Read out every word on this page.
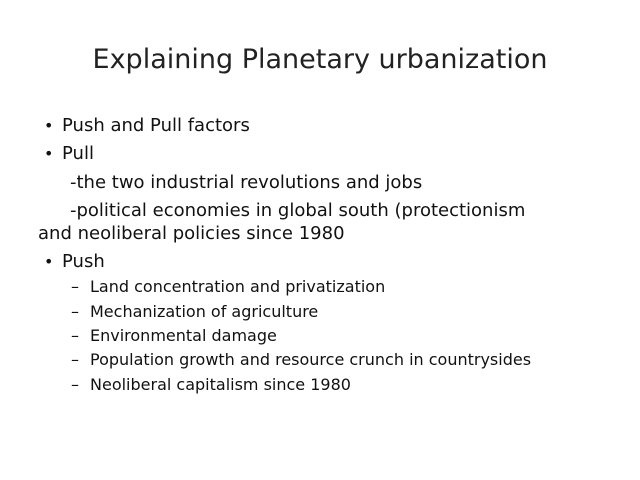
Explaining Planetary urbanization
• Push and Pull factors
• Pull
-the two industrial revolutions and jobs
-political economies in global south (protectionism
and neoliberal policies since 1980
• Push
– Land concentration and privatization
– Mechanization of agriculture
– Environmental damage
– Population growth and resource crunch in countrysides
– Neoliberal capitalism since 1980
